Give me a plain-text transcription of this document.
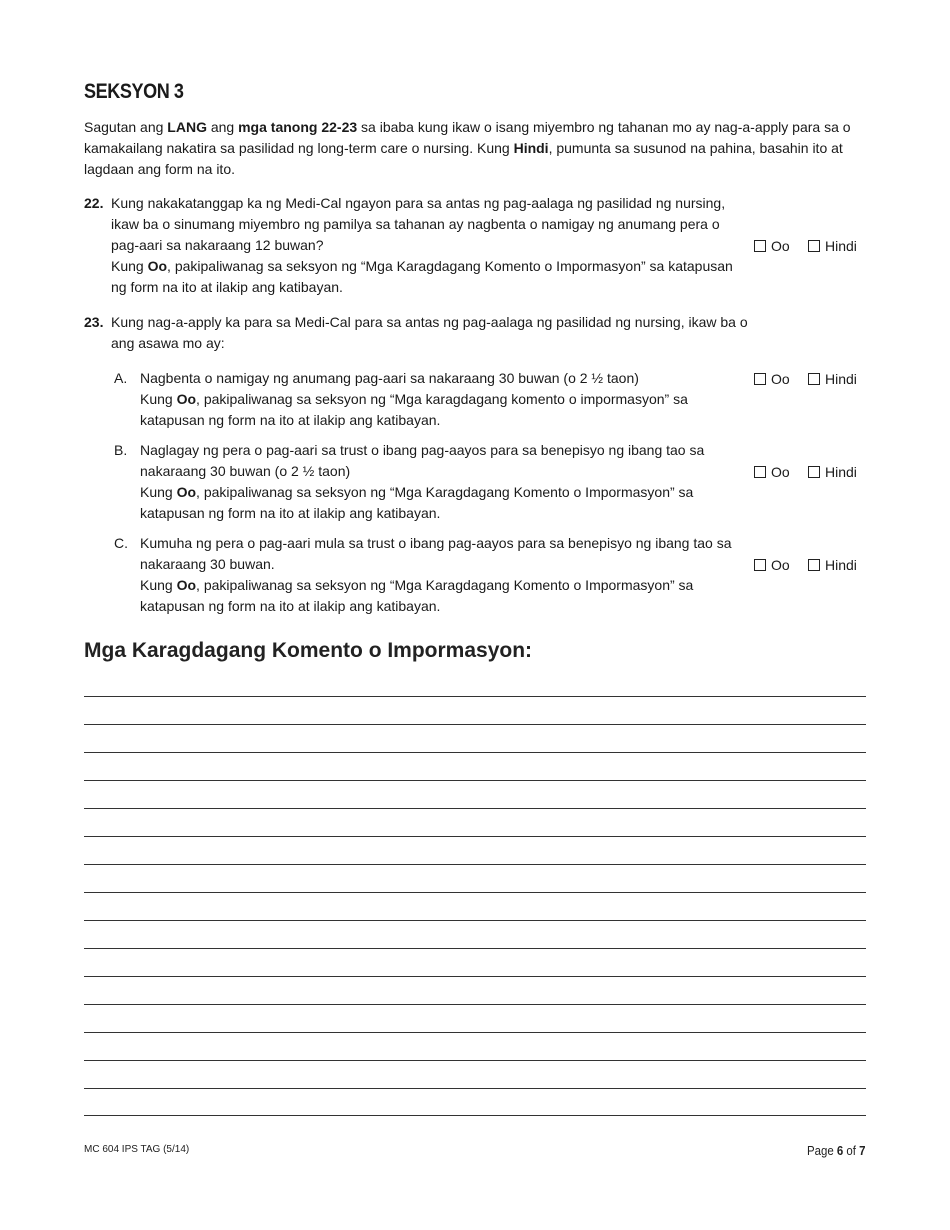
SEKSYON 3
Sagutan ang LANG ang mga tanong 22-23 sa ibaba kung ikaw o isang miyembro ng tahanan mo ay nag-a-apply para sa o kamakailang nakatira sa pasilidad ng long-term care o nursing. Kung Hindi, pumunta sa susunod na pahina, basahin ito at lagdaan ang form na ito.
22. Kung nakakatanggap ka ng Medi-Cal ngayon para sa antas ng pag-aalaga ng pasilidad ng nursing, ikaw ba o sinumang miyembro ng pamilya sa tahanan ay nagbenta o namigay ng anumang pera o pag-aari sa nakaraang 12 buwan?
Kung Oo, pakipaliwanag sa seksyon ng “Mga Karagdagang Komento o Impormasyon” sa katapusan ng form na ito at ilakip ang katibayan.
Oo	Hindi
23. Kung nag-a-apply ka para sa Medi-Cal para sa antas ng pag-aalaga ng pasilidad ng nursing, ikaw ba o ang asawa mo ay:
A. Nagbenta o namigay ng anumang pag-aari sa nakaraang 30 buwan (o 2 ½ taon)
Kung Oo, pakipaliwanag sa seksyon ng “Mga karagdagang komento o impormasyon” sa katapusan ng form na ito at ilakip ang katibayan.
Oo	Hindi
B. Naglagay ng pera o pag-aari sa trust o ibang pag-aayos para sa benepisyo ng ibang tao sa nakaraang 30 buwan (o 2 ½ taon)
Kung Oo, pakipaliwanag sa seksyon ng “Mga Karagdagang Komento o Impormasyon” sa katapusan ng form na ito at ilakip ang katibayan.
Oo	Hindi
C. Kumuha ng pera o pag-aari mula sa trust o ibang pag-aayos para sa benepisyo ng ibang tao sa nakaraang 30 buwan.
Kung Oo, pakipaliwanag sa seksyon ng “Mga Karagdagang Komento o Impormasyon” sa katapusan ng form na ito at ilakip ang katibayan.
Oo	Hindi
Mga Karagdagang Komento o Impormasyon:
MC 604 IPS TAG (5/14)	Page 6 of 7
